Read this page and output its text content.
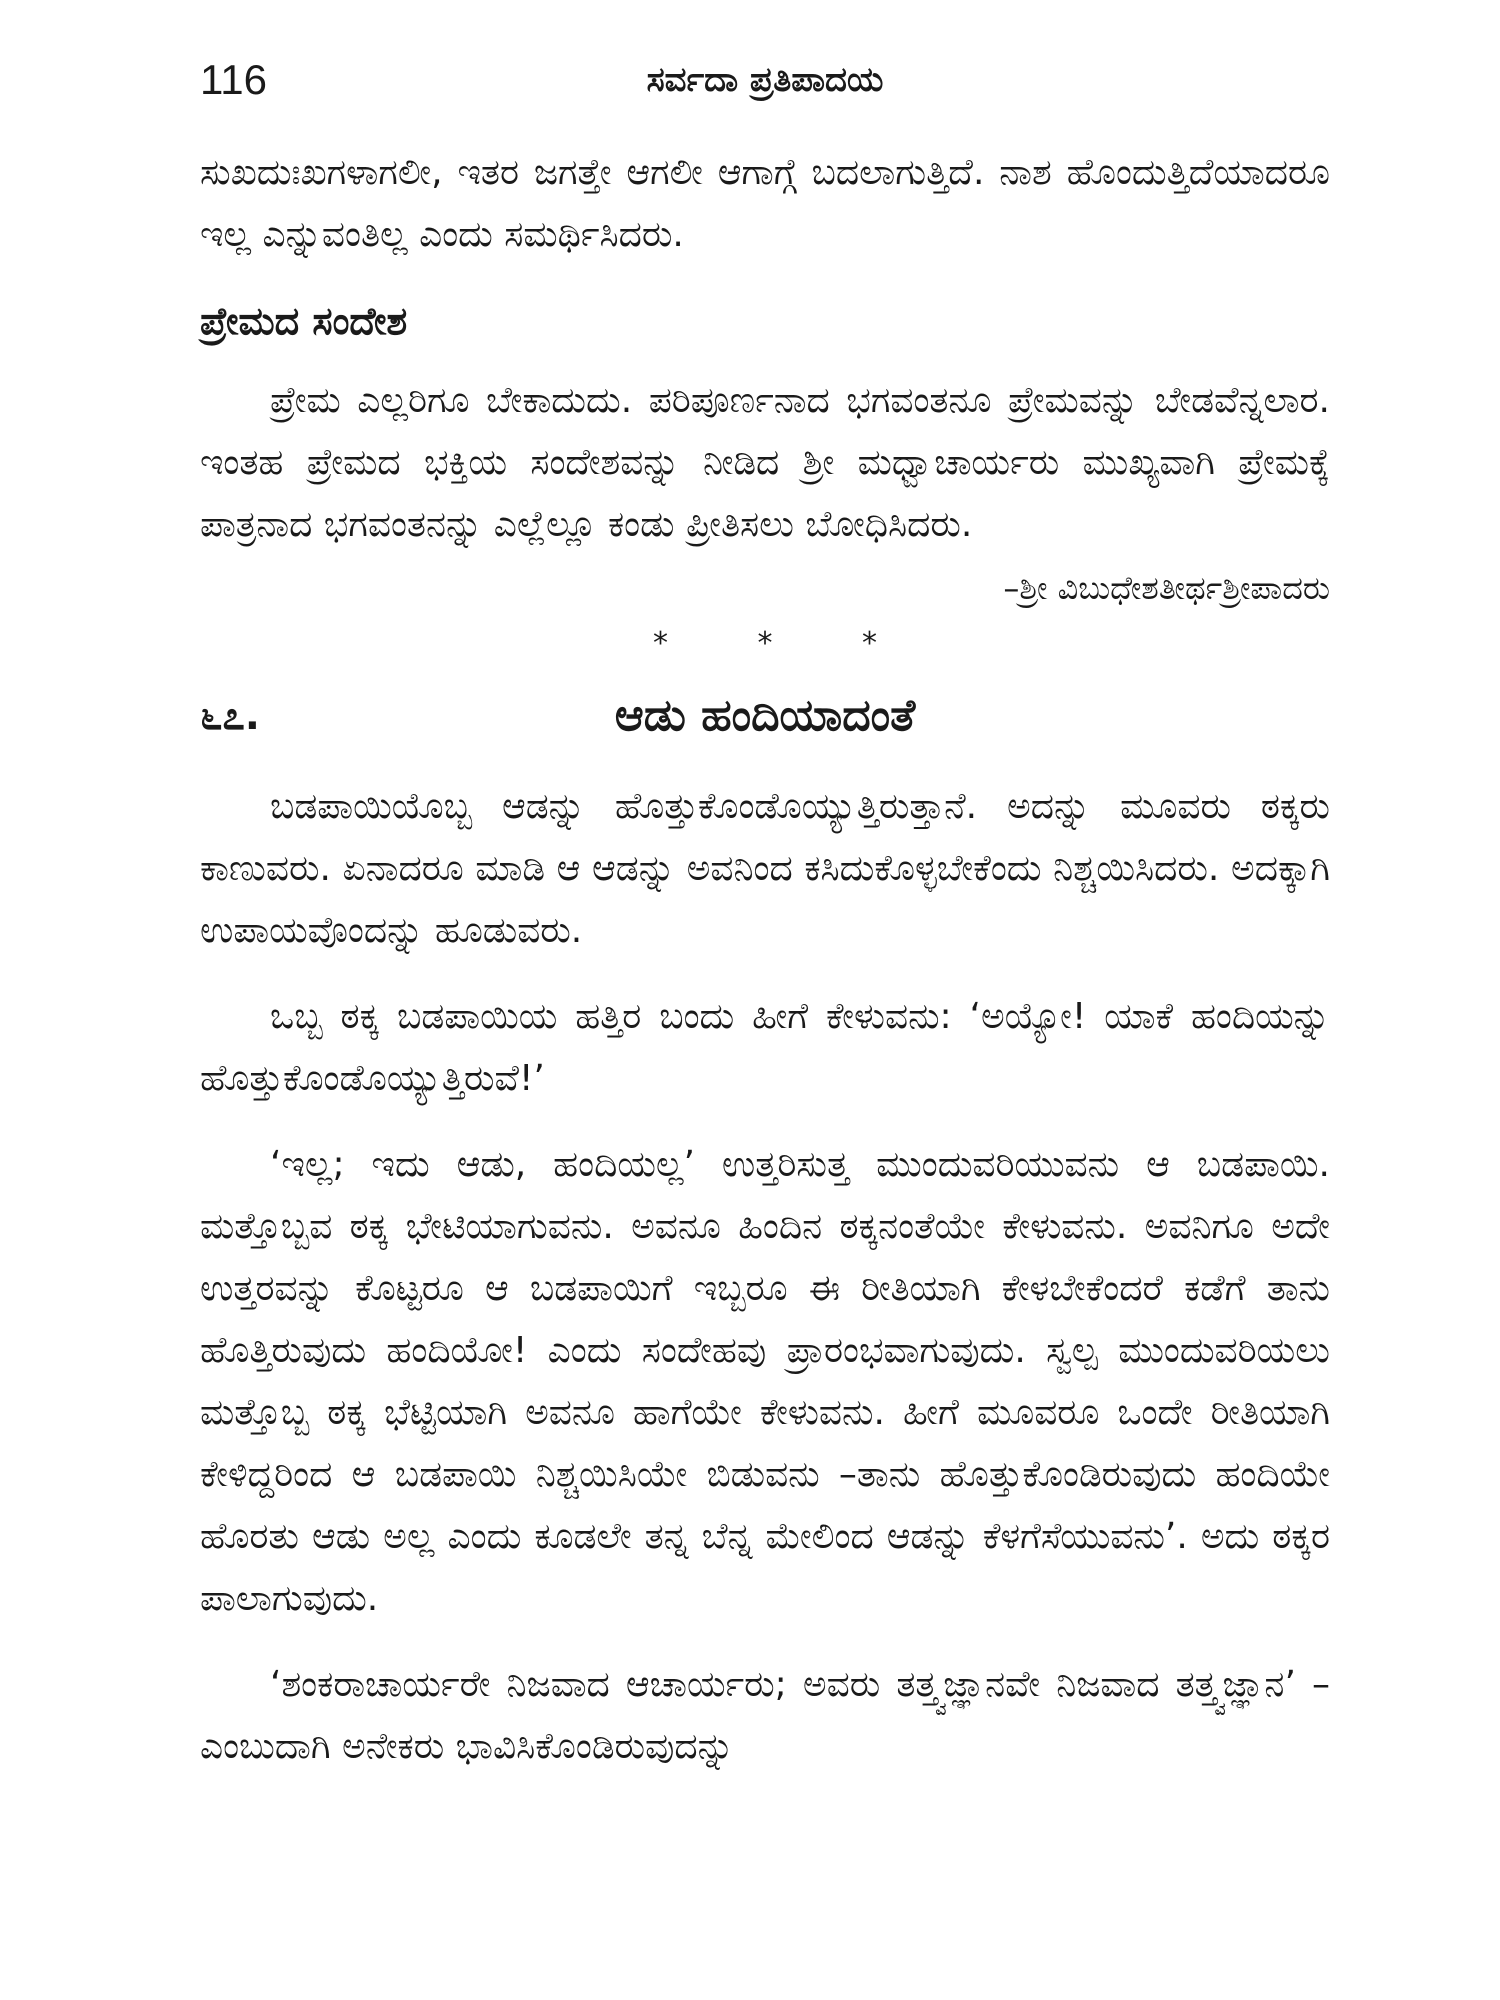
116	ಸರ್ವದಾ ಪ್ರತಿಪಾದಯ

ಸುಖದುಃಖಗಳಾಗಲೀ, ಇತರ ಜಗತ್ತೇ ಆಗಲೀ ಆಗಾಗ್ಗೆ ಬದಲಾಗುತ್ತಿದೆ. ನಾಶ ಹೊಂದುತ್ತಿದೆಯಾದರೂ ಇಲ್ಲ ಎನ್ನುವಂತಿಲ್ಲ ಎಂದು ಸಮರ್ಥಿಸಿದರು.

ಪ್ರೇಮದ ಸಂದೇಶ

ಪ್ರೇಮ ಎಲ್ಲರಿಗೂ ಬೇಕಾದುದು. ಪರಿಪೂರ್ಣನಾದ ಭಗವಂತನೂ ಪ್ರೇಮವನ್ನು ಬೇಡವೆನ್ನಲಾರ. ಇಂತಹ ಪ್ರೇಮದ ಭಕ್ತಿಯ ಸಂದೇಶವನ್ನು ನೀಡಿದ ಶ್ರೀ ಮಧ್ವಾಚಾರ್ಯರು ಮುಖ್ಯವಾಗಿ ಪ್ರೇಮಕ್ಕೆ ಪಾತ್ರನಾದ ಭಗವಂತನನ್ನು ಎಲ್ಲೆಲ್ಲೂ ಕಂಡು ಪ್ರೀತಿಸಲು ಬೋಧಿಸಿದರು.

–ಶ್ರೀ ವಿಬುಧೇಶತೀರ್ಥಶ್ರೀಪಾದರು
* * *
೬೭.	ಆಡು ಹಂದಿಯಾದಂತೆ

ಬಡಪಾಯಿಯೊಬ್ಬ ಆಡನ್ನು ಹೊತ್ತುಕೊಂಡೊಯ್ಯುತ್ತಿರುತ್ತಾನೆ. ಅದನ್ನು ಮೂವರು ಠಕ್ಕರು ಕಾಣುವರು. ಏನಾದರೂ ಮಾಡಿ ಆ ಆಡನ್ನು ಅವನಿಂದ ಕಸಿದುಕೊಳ್ಳಬೇಕೆಂದು ನಿಶ್ಚಯಿಸಿದರು. ಅದಕ್ಕಾಗಿ ಉಪಾಯವೊಂದನ್ನು ಹೂಡುವರು.

ಒಬ್ಬ ಠಕ್ಕ ಬಡಪಾಯಿಯ ಹತ್ತಿರ ಬಂದು ಹೀಗೆ ಕೇಳುವನು: ‘ಅಯ್ಯೋ! ಯಾಕೆ ಹಂದಿಯನ್ನು ಹೊತ್ತುಕೊಂಡೊಯ್ಯುತ್ತಿರುವೆ!’

‘ಇಲ್ಲ; ಇದು ಆಡು, ಹಂದಿಯಲ್ಲ’ ಉತ್ತರಿಸುತ್ತ ಮುಂದುವರಿಯುವನು ಆ ಬಡಪಾಯಿ. ಮತ್ತೊಬ್ಬವ ಠಕ್ಕ ಭೇಟಿಯಾಗುವನು. ಅವನೂ ಹಿಂದಿನ ಠಕ್ಕನಂತೆಯೇ ಕೇಳುವನು. ಅವನಿಗೂ ಅದೇ ಉತ್ತರವನ್ನು ಕೊಟ್ಟರೂ ಆ ಬಡಪಾಯಿಗೆ ಇಬ್ಬರೂ ಈ ರೀತಿಯಾಗಿ ಕೇಳಬೇಕೆಂದರೆ ಕಡೆಗೆ ತಾನು ಹೊತ್ತಿರುವುದು ಹಂದಿಯೋ! ಎಂದು ಸಂದೇಹವು ಪ್ರಾರಂಭವಾಗುವುದು. ಸ್ವಲ್ಪ ಮುಂದುವರಿಯಲು ಮತ್ತೊಬ್ಬ ಠಕ್ಕ ಭೆಟ್ಟಿಯಾಗಿ ಅವನೂ ಹಾಗೆಯೇ ಕೇಳುವನು. ಹೀಗೆ ಮೂವರೂ ಒಂದೇ ರೀತಿಯಾಗಿ ಕೇಳಿದ್ದರಿಂದ ಆ ಬಡಪಾಯಿ ನಿಶ್ಚಯಿಸಿಯೇ ಬಿಡುವನು –ತಾನು ಹೊತ್ತುಕೊಂಡಿರುವುದು ಹಂದಿಯೇ ಹೊರತು ಆಡು ಅಲ್ಲ ಎಂದು ಕೂಡಲೇ ತನ್ನ ಬೆನ್ನ ಮೇಲಿಂದ ಆಡನ್ನು ಕೆಳಗೆಸೆಯುವನು’. ಅದು ಠಕ್ಕರ ಪಾಲಾಗುವುದು.

‘ಶಂಕರಾಚಾರ್ಯರೇ ನಿಜವಾದ ಆಚಾರ್ಯರು; ಅವರು ತತ್ತ್ವಜ್ಞಾನವೇ ನಿಜವಾದ ತತ್ತ್ವಜ್ಞಾನ’ –ಎಂಬುದಾಗಿ ಅನೇಕರು ಭಾವಿಸಿಕೊಂಡಿರುವುದನ್ನು
